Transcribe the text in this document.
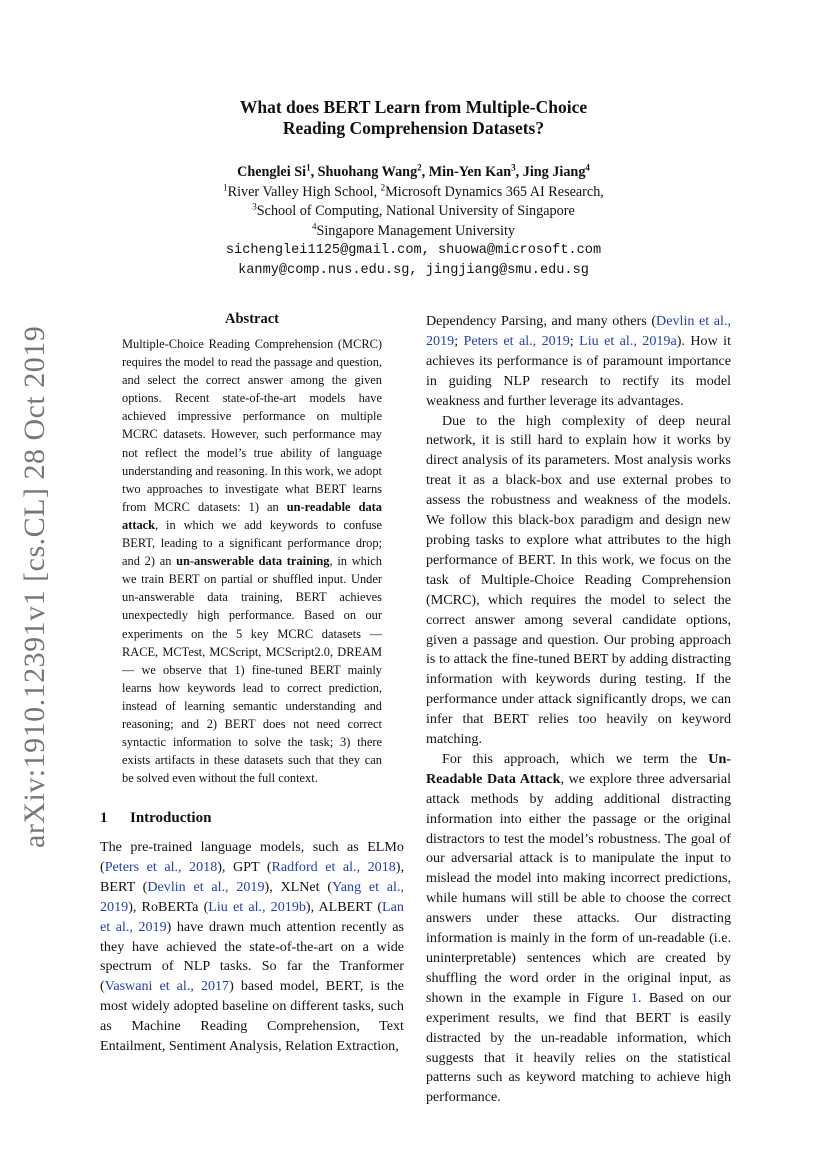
What does BERT Learn from Multiple-Choice
Reading Comprehension Datasets?
Chenglei Si$^1$, Shuohang Wang$^2$, Min-Yen Kan$^3$, Jing Jiang$^4$
$^1$River Valley High School, $^2$Microsoft Dynamics 365 AI Research,
$^3$School of Computing, National University of Singapore
$^4$Singapore Management University
sichenglei1125@gmail.com, shuowa@microsoft.com
kanmy@comp.nus.edu.sg, jingjiang@smu.edu.sg
arXiv:1910.12391v1 [cs.CL] 28 Oct 2019
Abstract

Multiple-Choice Reading Comprehension (MCRC) requires the model to read the passage and question, and select the correct answer among the given options. Recent state-of-the-art models have achieved impressive performance on multiple MCRC datasets. However, such performance may not reflect the model’s true ability of language understanding and reasoning. In this work, we adopt two approaches to investigate what BERT learns from MCRC datasets: 1) an un-readable data attack, in which we add keywords to confuse BERT, leading to a significant performance drop; and 2) an un-answerable data training, in which we train BERT on partial or shuffled input. Under un-answerable data training, BERT achieves unexpectedly high performance. Based on our experiments on the 5 key MCRC datasets — RACE, MCTest, MCScript, MCScript2.0, DREAM — we observe that 1) fine-tuned BERT mainly learns how keywords lead to correct prediction, instead of learning semantic understanding and reasoning; and 2) BERT does not need correct syntactic information to solve the task; 3) there exists artifacts in these datasets such that they can be solved even without the full context.

1 Introduction

The pre-trained language models, such as ELMo (Peters et al., 2018), GPT (Radford et al., 2018), BERT (Devlin et al., 2019), XLNet (Yang et al., 2019), RoBERTa (Liu et al., 2019b), ALBERT (Lan et al., 2019) have drawn much attention recently as they have achieved the state-of-the-art on a wide spectrum of NLP tasks. So far the Tranformer (Vaswani et al., 2017) based model, BERT, is the most widely adopted baseline on different tasks, such as Machine Reading Comprehension, Text Entailment, Sentiment Analysis, Relation Extraction,

Dependency Parsing, and many others (Devlin et al., 2019; Peters et al., 2019; Liu et al., 2019a). How it achieves its performance is of paramount importance in guiding NLP research to rectify its model weakness and further leverage its advantages.

Due to the high complexity of deep neural network, it is still hard to explain how it works by direct analysis of its parameters. Most analysis works treat it as a black-box and use external probes to assess the robustness and weakness of the models. We follow this black-box paradigm and design new probing tasks to explore what attributes to the high performance of BERT. In this work, we focus on the task of Multiple-Choice Reading Comprehension (MCRC), which requires the model to select the correct answer among several candidate options, given a passage and question. Our probing approach is to attack the fine-tuned BERT by adding distracting information with keywords during testing. If the performance under attack significantly drops, we can infer that BERT relies too heavily on keyword matching.

For this approach, which we term the Un-Readable Data Attack, we explore three adversarial attack methods by adding additional distracting information into either the passage or the original distractors to test the model’s robustness. The goal of our adversarial attack is to manipulate the input to mislead the model into making incorrect predictions, while humans will still be able to choose the correct answers under these attacks. Our distracting information is mainly in the form of un-readable (i.e. uninterpretable) sentences which are created by shuffling the word order in the original input, as shown in the example in Figure 1. Based on our experiment results, we find that BERT is easily distracted by the un-readable information, which suggests that it heavily relies on the statistical patterns such as keyword matching to achieve high performance.
